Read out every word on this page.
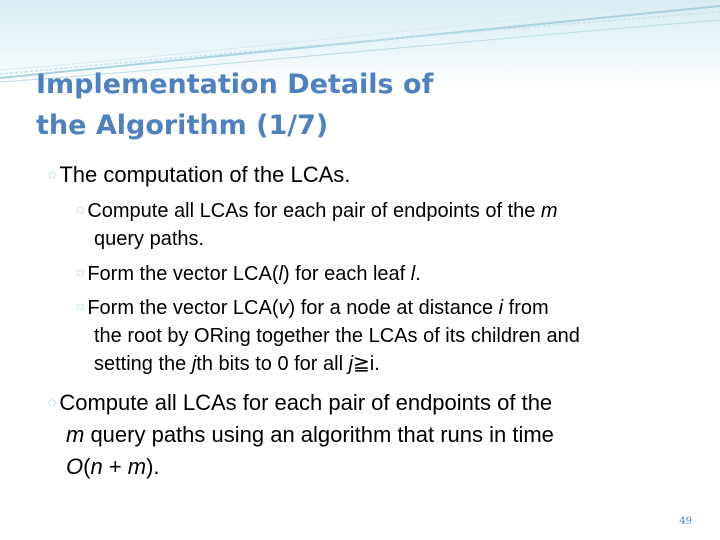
Implementation Details of
the Algorithm (1/7)
◌ The computation of the LCAs.
◌ Compute all LCAs for each pair of endpoints of the m
query paths.
◌ Form the vector LCA(l) for each leaf l.
◌ Form the vector LCA(v) for a node at distance i from
the root by ORing together the LCAs of its children and
setting the jth bits to 0 for all j≧i.
◌ Compute all LCAs for each pair of endpoints of the
m query paths using an algorithm that runs in time
O(n + m).
49
